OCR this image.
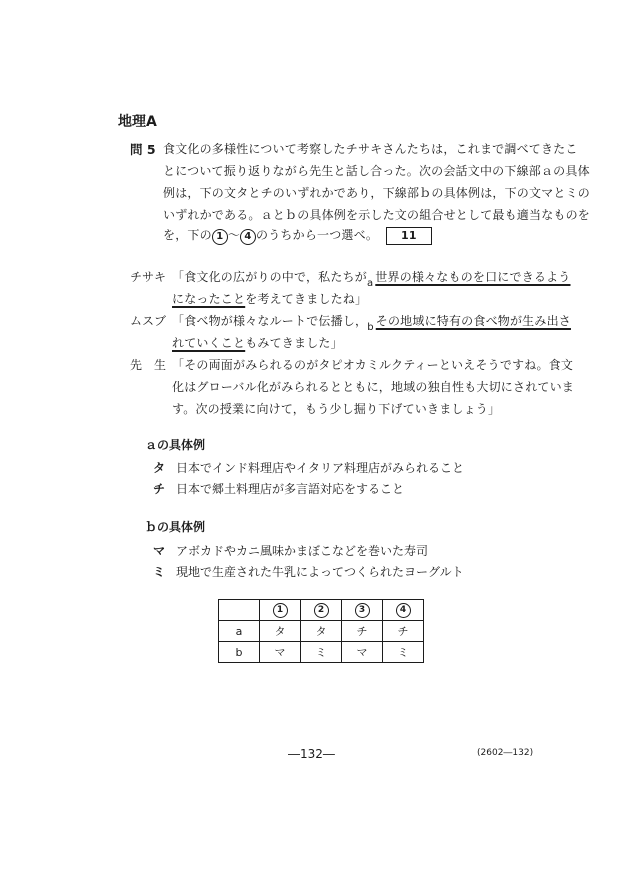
地理A
問 5 食文化の多様性について考察したチサキさんたちは，これまで調べてきたこ
とについて振り返りながら先生と話し合った。次の会話文中の下線部ａの具体
例は，下の文タとチのいずれかであり，下線部ｂの具体例は，下の文マとミの
いずれかである。ａとｂの具体例を示した文の組合せとして最も適当なものを
を，下の 1 ～ 4 のうちから一つ選べ。 11
チサキ 「食文化の広がりの中で，私たちがa 世界の様々なものを口にできるよう
になったことを考えてきましたね」
ムスブ 「食べ物が様々なルートで伝播し，b その地域に特有の食べ物が生み出さ
れていくこともみてきました」
先　生 「その両面がみられるのがタピオカミルクティーといえそうですね。食文
化はグローバル化がみられるとともに，地域の独自性も大切にされていま
す。次の授業に向けて，もう少し掘り下げていきましょう」
ａの具体例
タ 日本でインド料理店やイタリア料理店がみられること
チ 日本で郷土料理店が多言語対応をすること
ｂの具体例
マ アボカドやカニ風味かまぼこなどを巻いた寿司
ミ 現地で生産された牛乳によってつくられたヨーグルト
	1	2	3	4
a	タ	タ	チ	チ
b	マ	ミ	マ	ミ
―132―	(2602―132)
